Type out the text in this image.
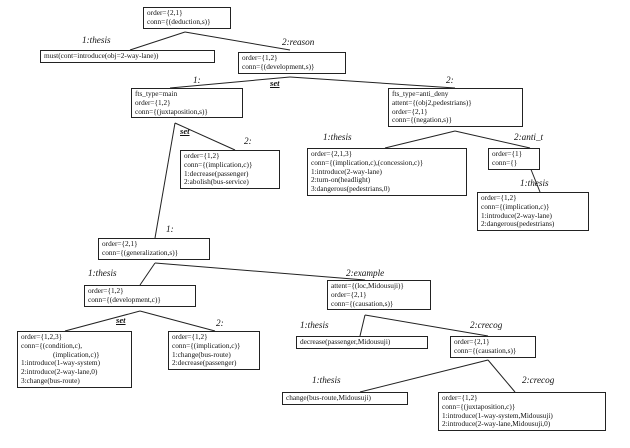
order={2,1}
conn={(deduction,s)}
must(cont=introduce(obj=2-way-lane))	order={1,2}
conn={(development,s)}
fts_type=main
order={1,2}
conn={(juxtaposition,s)}
fts_type=anti_deny
attent={(obj2,pedestrians)}
order={2,1}
conn={(negation,s)}
order={1,2}
conn={(implication,c)}
1:decrease(passenger)
2:abolish(bus-service)
order={2,1,3}
conn={(implication,c),(concession,c)}
1:introduce(2-way-lane)
2:turn-on(headlight)
3:dangerous(pedestrians,0)
order={1}
conn={}
order={1,2}
conn={(implication,c)}
1:introduce(2-way-lane)
2:dangerous(pedestrians)
order={2,1}
conn={(generalization,s)}
order={1,2}
conn={(development,c)}
attent={(loc,Midousuji)}
order={2,1}
conn={(causation,s)}
order={1,2,3}
conn={(condition,c),
(implication,c)}
1:introduce(1-way-system)
2:introduce(2-way-lane,0)
3:change(bus-route)
order={1,2}
conn={(implication,c)}
1:change(bus-route)
2:decrease(passenger)
decrease(passenger,Midousuji)	order={2,1}
conn={(causation,s)}
change(bus-route,Midousuji)	order={1,2}
conn={(juxtaposition,c)}
1:introduce(1-way-system,Midousuji)
2:introduce(2-way-lane,Midousuji,0)
1:thesis	2:reason
1:	2:
1:thesis	2:anti_t
1:thesis
2:
1:
1:thesis	2:example
2:	1:thesis	2:crecog
1:thesis	2:crecog
set
set
set
